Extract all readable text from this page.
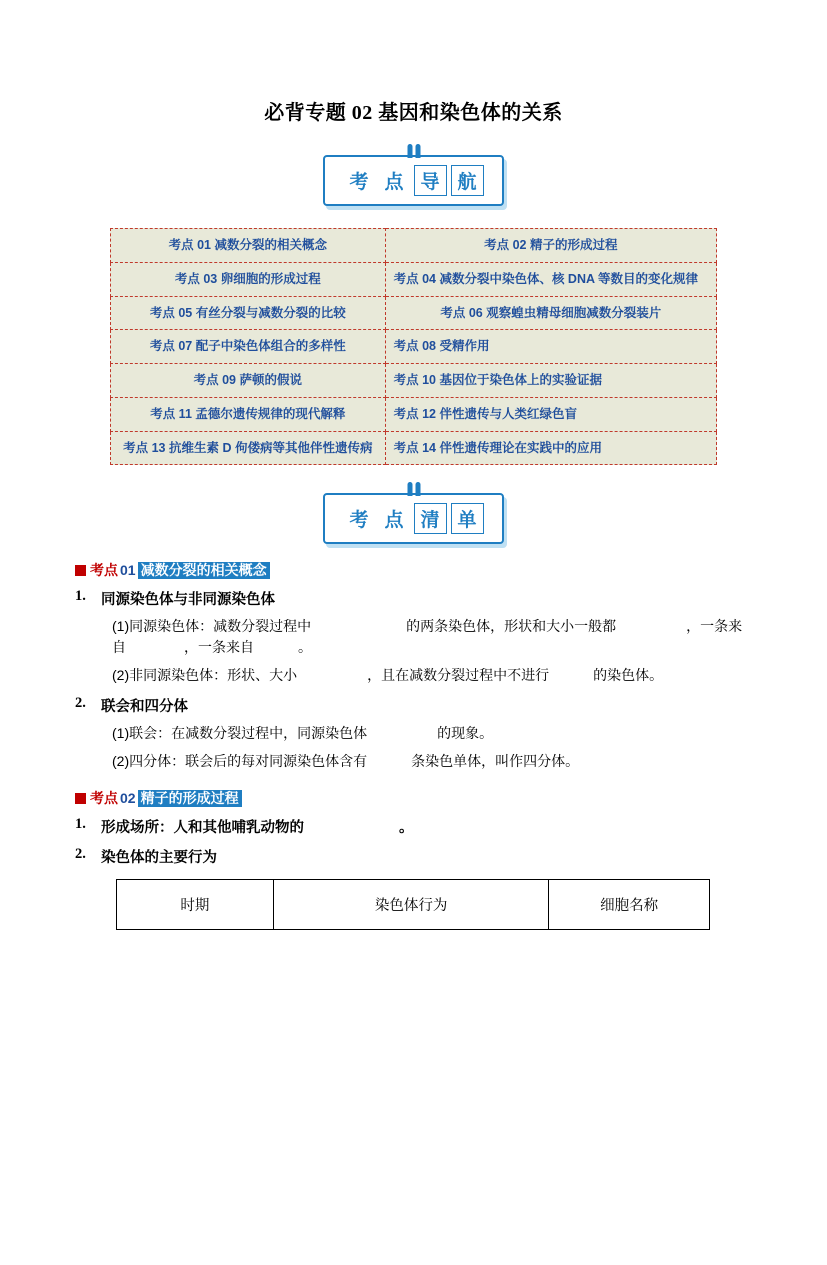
必背专题 02 基因和染色体的关系
考 点 导 航
考点 01 减数分裂的相关概念	考点 02 精子的形成过程
考点 03 卵细胞的形成过程	考点 04 减数分裂中染色体、核 DNA 等数目的变化规律
考点 05 有丝分裂与减数分裂的比较	考点 06 观察蝗虫精母细胞减数分裂装片
考点 07 配子中染色体组合的多样性	考点 08 受精作用
考点 09 萨顿的假说	考点 10 基因位于染色体上的实验证据
考点 11 孟德尔遗传规律的现代解释	考点 12 伴性遗传与人类红绿色盲
考点 13 抗维生素 D 佝偻病等其他伴性遗传病	考点 14 伴性遗传理论在实践中的应用
考 点 清 单
考点 01 减数分裂的相关概念
1.	同源染色体与非同源染色体
(1)同源染色体：减数分裂过程中	的两条染色体，形状和大小一般都	，一条来自	，一条来自	。
(2)非同源染色体：形状、大小	，且在减数分裂过程中不进行	的染色体。
2.	联会和四分体
(1)联会：在减数分裂过程中，同源染色体	的现象。
(2)四分体：联会后的每对同源染色体含有	条染色单体，叫作四分体。
考点 02 精子的形成过程
1.	形成场所：人和其他哺乳动物的	。
2.	染色体的主要行为
时期	染色体行为	细胞名称
